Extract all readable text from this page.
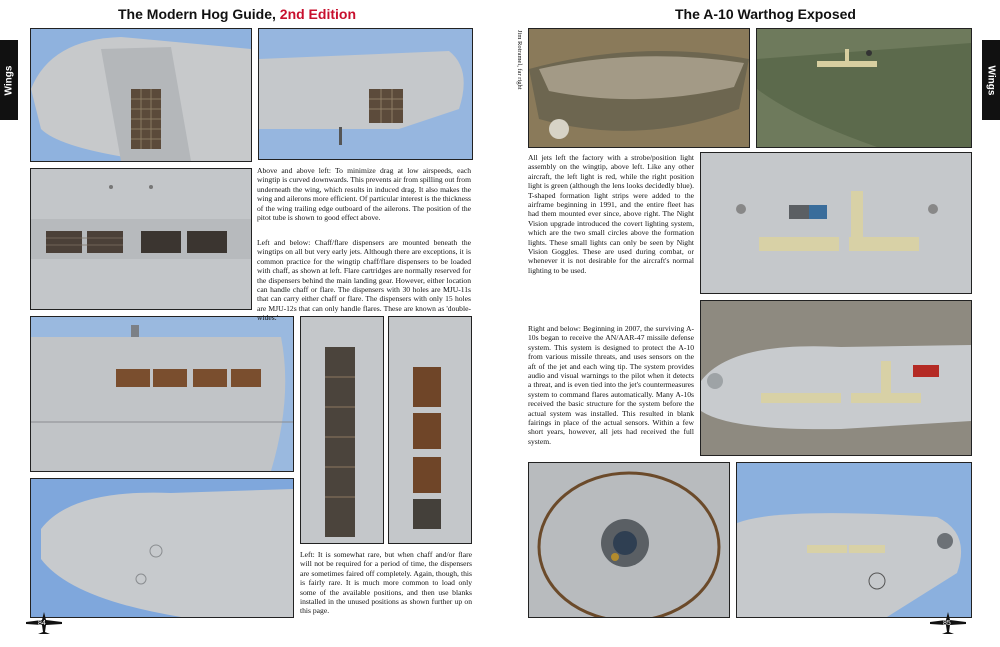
The Modern Hog Guide, 2nd Edition
Wings

Above and above left: To minimize drag at low airspeeds, each wingtip is curved downwards. This prevents air from spilling out from underneath the wing, which results in induced drag. It also makes the wing and ailerons more efficient. Of particular interest is the thickness of the wing trailing edge outboard of the ailerons. The position of the pitot tube is shown to good effect above.

Left and below: Chaff/flare dispensers are mounted beneath the wingtips on all but very early jets. Although there are exceptions, it is common practice for the wingtip chaff/flare dispensers to be loaded with chaff, as shown at left. Flare cartridges are normally reserved for the dispensers behind the main landing gear. However, either location can handle chaff or flare. The dispensers with 30 holes are MJU-11s that can carry either chaff or flare. The dispensers with only 15 holes are MJU-12s that can only handle flares. These are known as 'double-wides.'

Left: It is somewhat rare, but when chaff and/or flare will not be required for a period of time, the dispensers are sometimes faired off completely. Again, though, this is fairly rare. It is much more common to load only some of the available positions, and then use blanks installed in the unused positions as shown further up on this page.

84
The A-10 Warthog Exposed
Wings
Jim Rotramel, far right

All jets left the factory with a strobe/position light assembly on the wingtip, above left. Like any other aircraft, the left light is red, while the right position light is green (although the lens looks decidedly blue). T-shaped formation light strips were added to the airframe beginning in 1991, and the entire fleet has had them mounted ever since, above right. The Night Vision upgrade introduced the covert lighting system, which are the two small circles above the formation lights. These small lights can only be seen by Night Vision Goggles. These are used during combat, or whenever it is not desirable for the aircraft's normal lighting to be used.

Right and below: Beginning in 2007, the surviving A-10s began to receive the AN/AAR-47 missile defense system. This system is designed to protect the A-10 from various missile threats, and uses sensors on the aft of the jet and each wing tip. The system provides audio and visual warnings to the pilot when it detects a threat, and is even tied into the jet's countermeasures system to command flares automatically. Many A-10s received the basic structure for the system before the actual system was installed. This resulted in blank fairings in place of the actual sensors. Within a few short years, however, all jets had received the full system.

85
